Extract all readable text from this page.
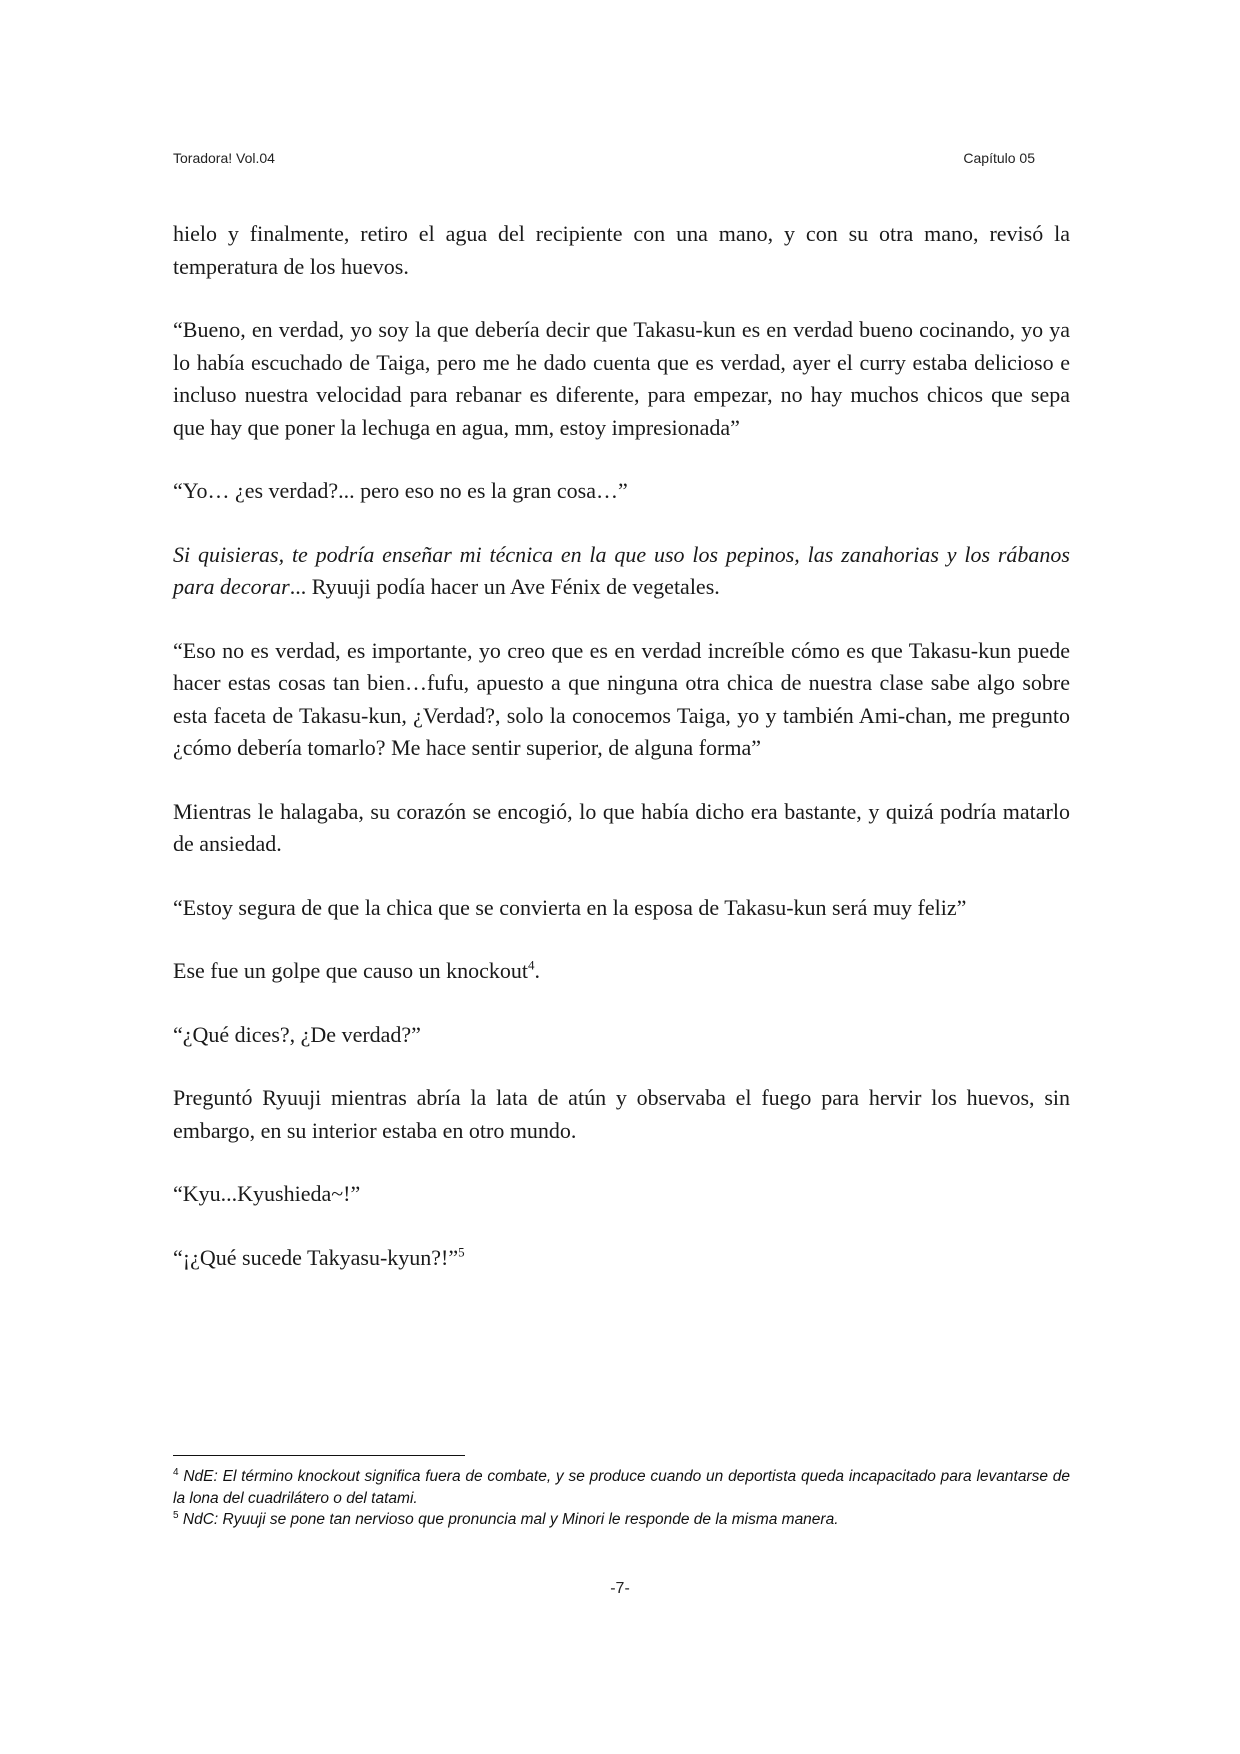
Toradora! Vol.04	Capítulo 05

hielo y finalmente, retiro el agua del recipiente con una mano, y con su otra mano, revisó la temperatura de los huevos.

“Bueno, en verdad, yo soy la que debería decir que Takasu-kun es en verdad bueno cocinando, yo ya lo había escuchado de Taiga, pero me he dado cuenta que es verdad, ayer el curry estaba delicioso e incluso nuestra velocidad para rebanar es diferente, para empezar, no hay muchos chicos que sepa que hay que poner la lechuga en agua, mm, estoy impresionada”

“Yo… ¿es verdad?... pero eso no es la gran cosa…”

Si quisieras, te podría enseñar mi técnica en la que uso los pepinos, las zanahorias y los rábanos para decorar... Ryuuji podía hacer un Ave Fénix de vegetales.

“Eso no es verdad, es importante, yo creo que es en verdad increíble cómo es que Takasu-kun puede hacer estas cosas tan bien…fufu, apuesto a que ninguna otra chica de nuestra clase sabe algo sobre esta faceta de Takasu-kun, ¿Verdad?, solo la conocemos Taiga, yo y también Ami-chan, me pregunto ¿cómo debería tomarlo? Me hace sentir superior, de alguna forma”

Mientras le halagaba, su corazón se encogió, lo que había dicho era bastante, y quizá podría matarlo de ansiedad.

“Estoy segura de que la chica que se convierta en la esposa de Takasu-kun será muy feliz”

Ese fue un golpe que causo un knockout$^4$.

“¿Qué dices?, ¿De verdad?”

Preguntó Ryuuji mientras abría la lata de atún y observaba el fuego para hervir los huevos, sin embargo, en su interior estaba en otro mundo.

“Kyu...Kyushieda~!”

“¡¿Qué sucede Takyasu-kyun?!”$^5$

$^4$ NdE: El término knockout significa fuera de combate, y se produce cuando un deportista queda incapacitado para levantarse de la lona del cuadrilátero o del tatami.

$^5$ NdC: Ryuuji se pone tan nervioso que pronuncia mal y Minori le responde de la misma manera.

-7-
